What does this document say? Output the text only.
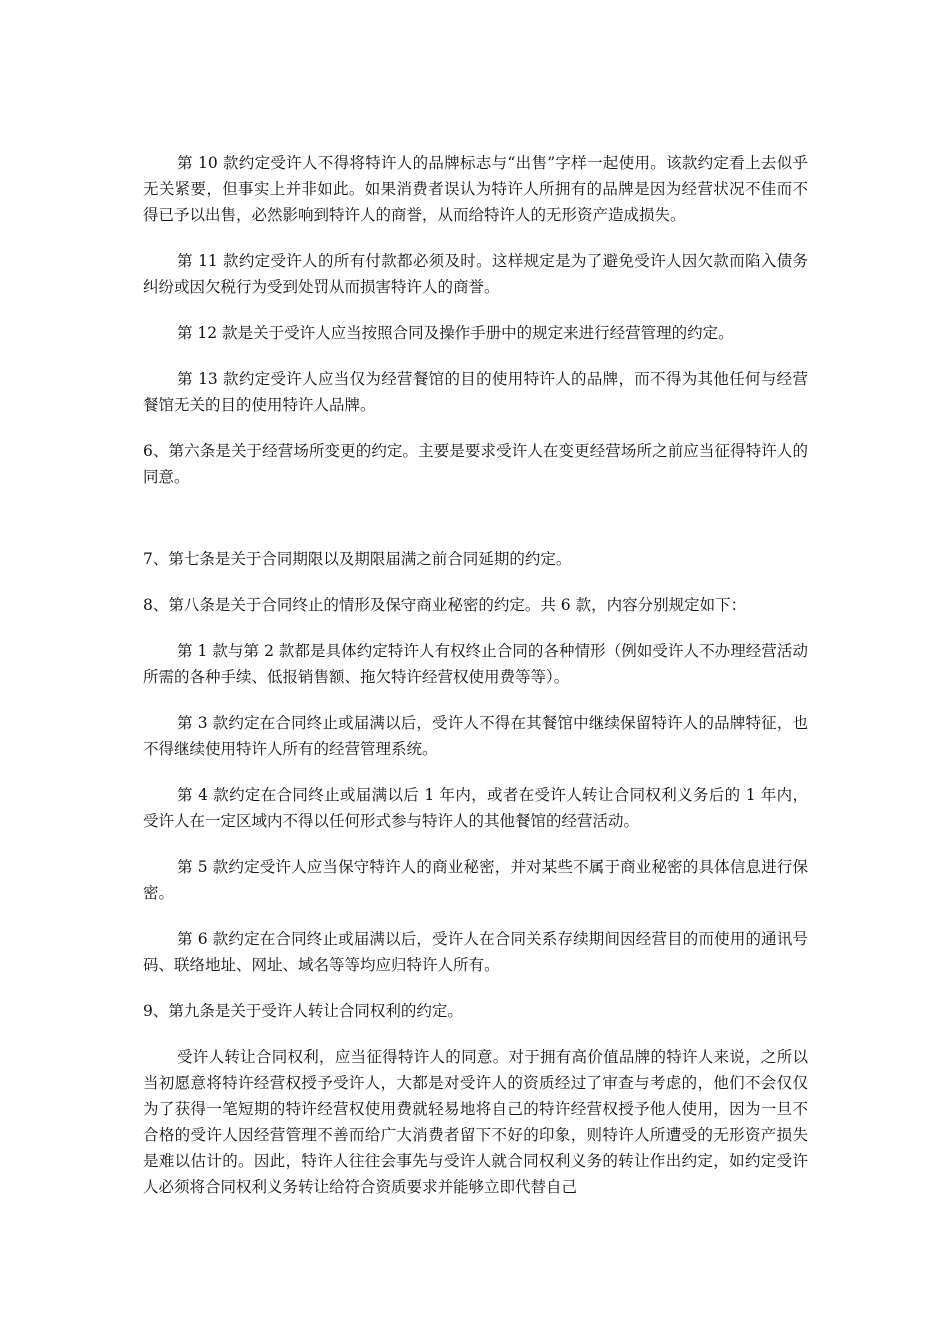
第 10 款约定受许人不得将特许人的品牌标志与“出售”字样一起使用。该款约定看上去似乎无关紧要，但事实上并非如此。如果消费者误认为特许人所拥有的品牌是因为经营状况不佳而不得已予以出售，必然影响到特许人的商誉，从而给特许人的无形资产造成损失。

第 11 款约定受许人的所有付款都必须及时。这样规定是为了避免受许人因欠款而陷入债务纠纷或因欠税行为受到处罚从而损害特许人的商誉。

第 12 款是关于受许人应当按照合同及操作手册中的规定来进行经营管理的约定。

第 13 款约定受许人应当仅为经营餐馆的目的使用特许人的品牌，而不得为其他任何与经营餐馆无关的目的使用特许人品牌。

6、第六条是关于经营场所变更的约定。主要是要求受许人在变更经营场所之前应当征得特许人的同意。

7、第七条是关于合同期限以及期限届满之前合同延期的约定。

8、第八条是关于合同终止的情形及保守商业秘密的约定。共 6 款，内容分别规定如下：

第 1 款与第 2 款都是具体约定特许人有权终止合同的各种情形（例如受许人不办理经营活动所需的各种手续、低报销售额、拖欠特许经营权使用费等等）。

第 3 款约定在合同终止或届满以后，受许人不得在其餐馆中继续保留特许人的品牌特征，也不得继续使用特许人所有的经营管理系统。

第 4 款约定在合同终止或届满以后 1 年内，或者在受许人转让合同权利义务后的 1 年内，受许人在一定区域内不得以任何形式参与特许人的其他餐馆的经营活动。

第 5 款约定受许人应当保守特许人的商业秘密，并对某些不属于商业秘密的具体信息进行保密。

第 6 款约定在合同终止或届满以后，受许人在合同关系存续期间因经营目的而使用的通讯号码、联络地址、网址、域名等等均应归特许人所有。

9、第九条是关于受许人转让合同权利的约定。

受许人转让合同权利，应当征得特许人的同意。对于拥有高价值品牌的特许人来说，之所以当初愿意将特许经营权授予受许人，大都是对受许人的资质经过了审查与考虑的，他们不会仅仅为了获得一笔短期的特许经营权使用费就轻易地将自己的特许经营权授予他人使用，因为一旦不合格的受许人因经营管理不善而给广大消费者留下不好的印象，则特许人所遭受的无形资产损失是难以估计的。因此，特许人往往会事先与受许人就合同权利义务的转让作出约定，如约定受许人必须将合同权利义务转让给符合资质要求并能够立即代替自己
